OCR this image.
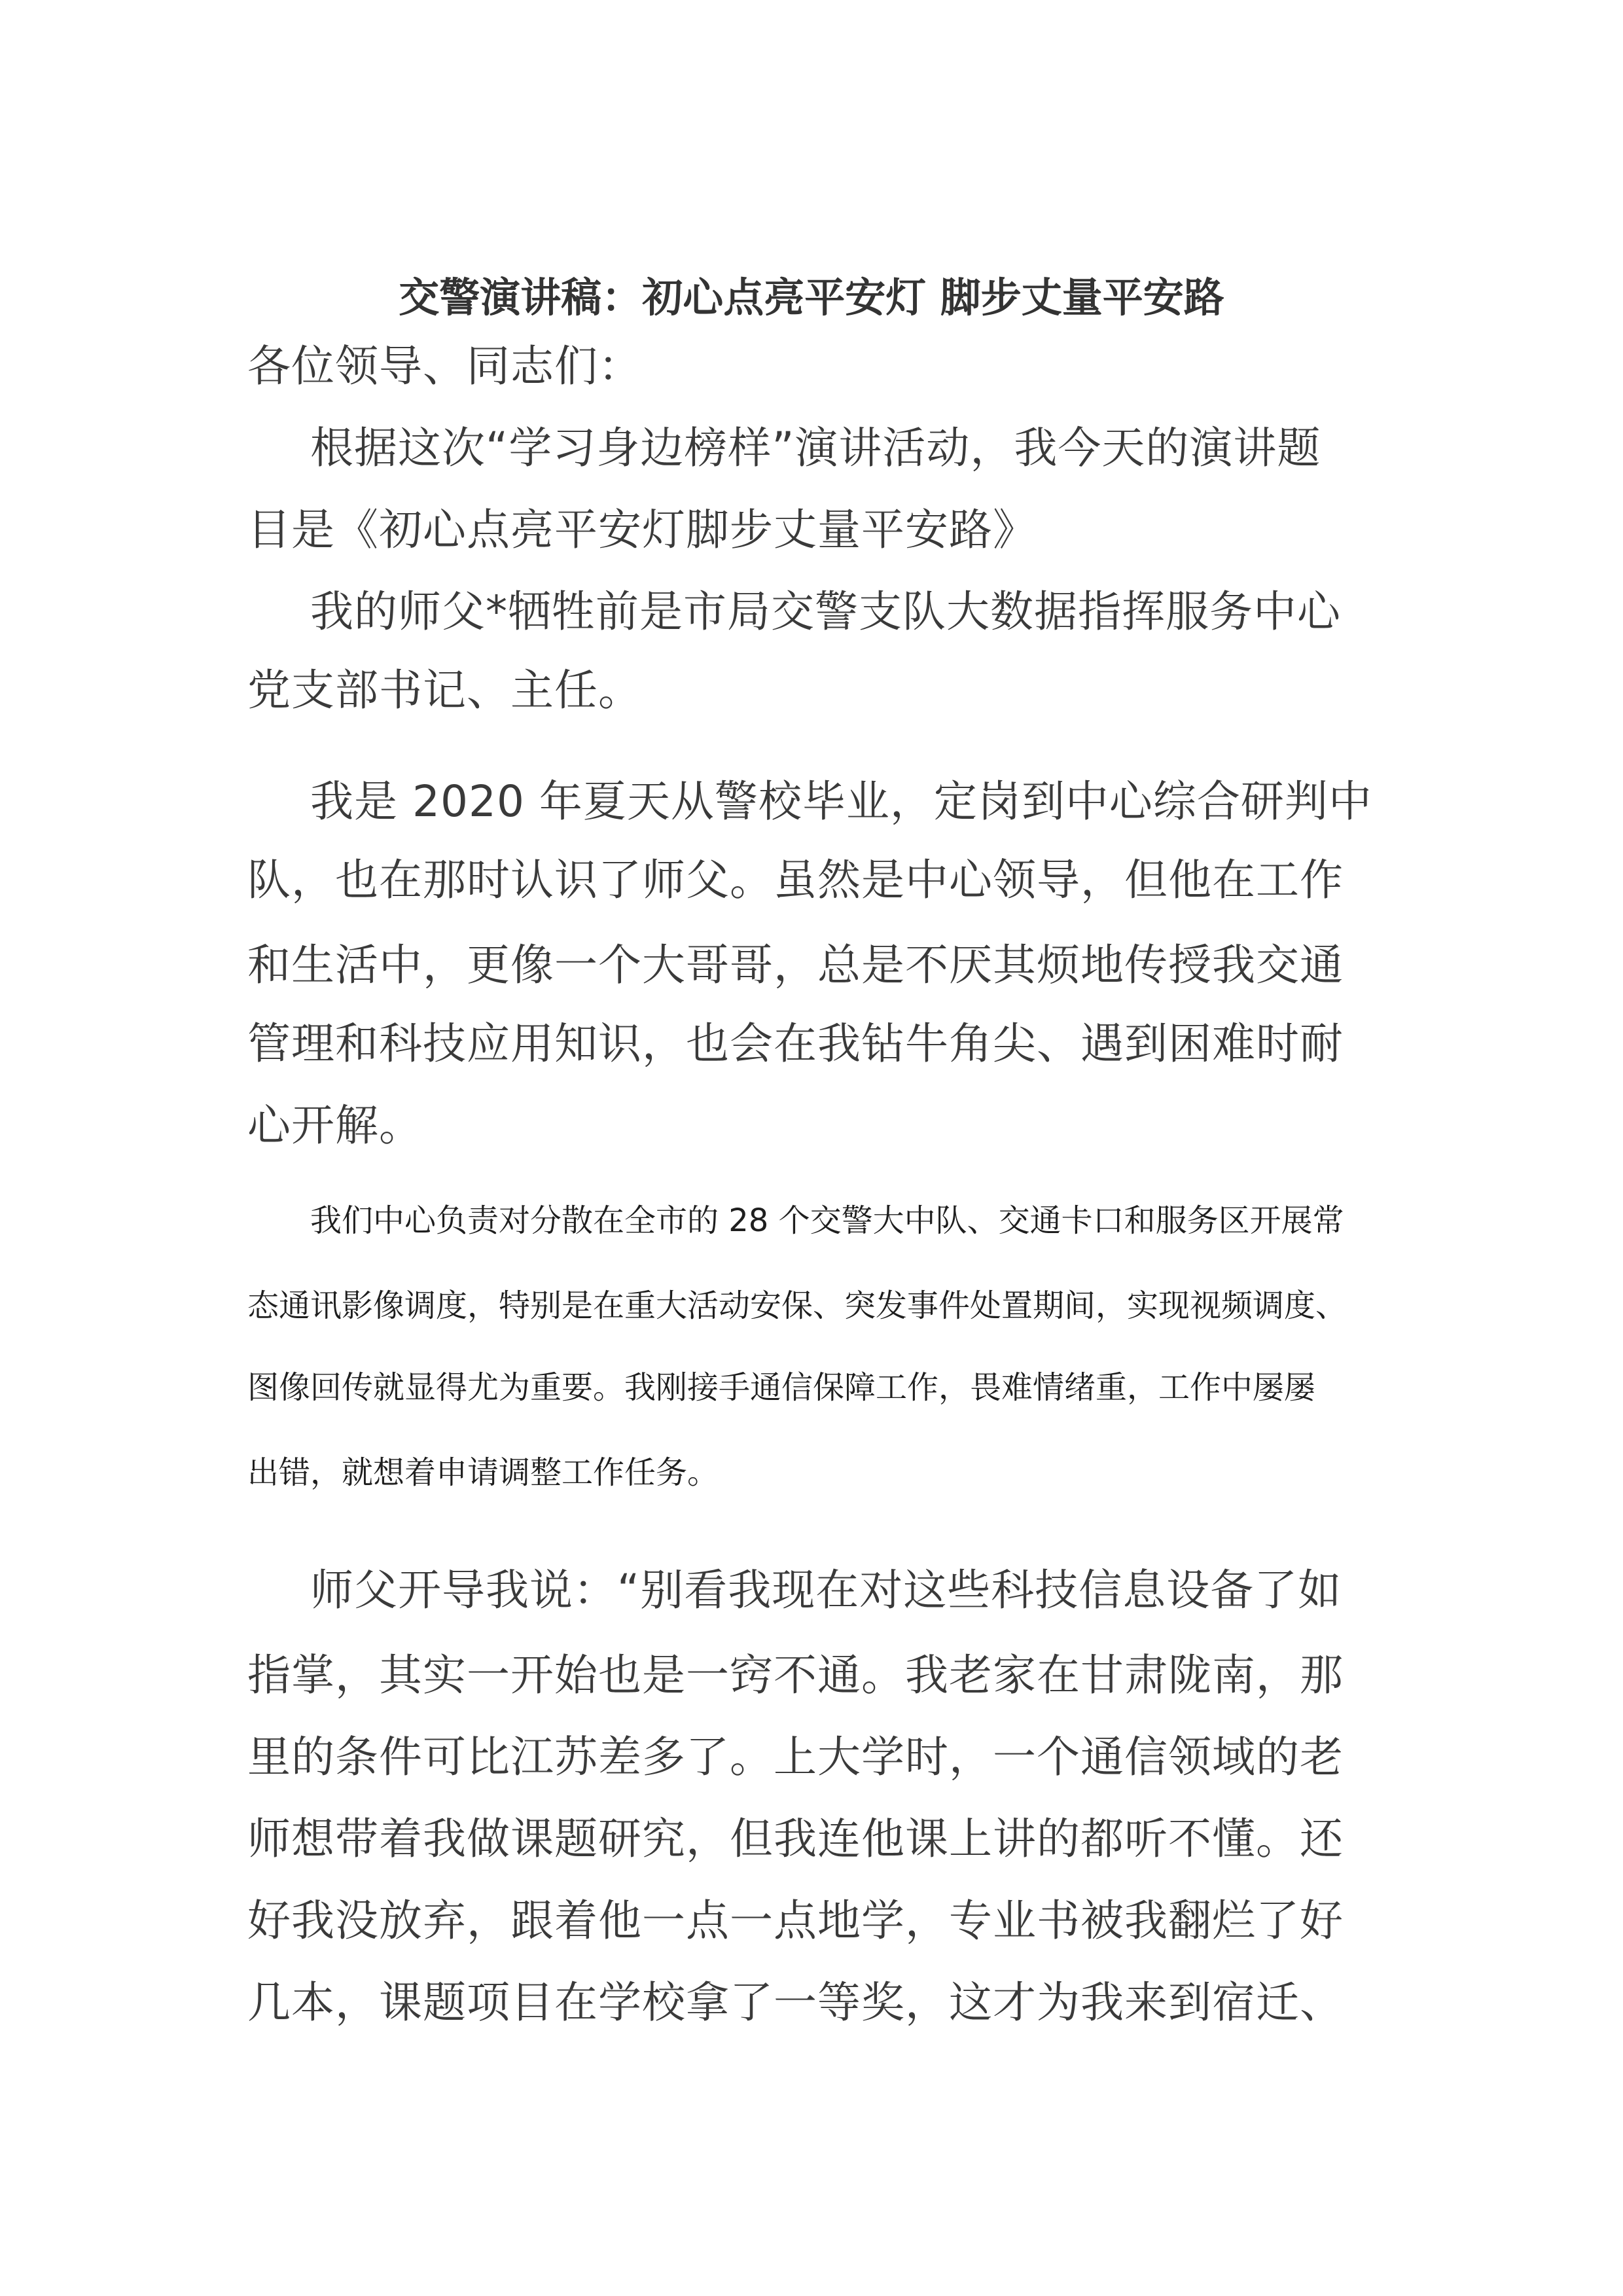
交警演讲稿：初心点亮平安灯 脚步丈量平安路
各位领导、同志们：
根据这次“学习身边榜样”演讲活动，我今天的演讲题
目是《初心点亮平安灯脚步丈量平安路》
我的师父*牺牲前是市局交警支队大数据指挥服务中心
党支部书记、主任。
我是 2020 年夏天从警校毕业，定岗到中心综合研判中
队，也在那时认识了师父。虽然是中心领导，但他在工作
和生活中，更像一个大哥哥，总是不厌其烦地传授我交通
管理和科技应用知识，也会在我钻牛角尖、遇到困难时耐
心开解。
我们中心负责对分散在全市的 28 个交警大中队、交通卡口和服务区开展常
态通讯影像调度，特别是在重大活动安保、突发事件处置期间，实现视频调度、
图像回传就显得尤为重要。我刚接手通信保障工作，畏难情绪重，工作中屡屡
出错，就想着申请调整工作任务。
师父开导我说：“别看我现在对这些科技信息设备了如
指掌，其实一开始也是一窍不通。我老家在甘肃陇南，那
里的条件可比江苏差多了。上大学时，一个通信领域的老
师想带着我做课题研究，但我连他课上讲的都听不懂。还
好我没放弃，跟着他一点一点地学，专业书被我翻烂了好
几本，课题项目在学校拿了一等奖，这才为我来到宿迁、
